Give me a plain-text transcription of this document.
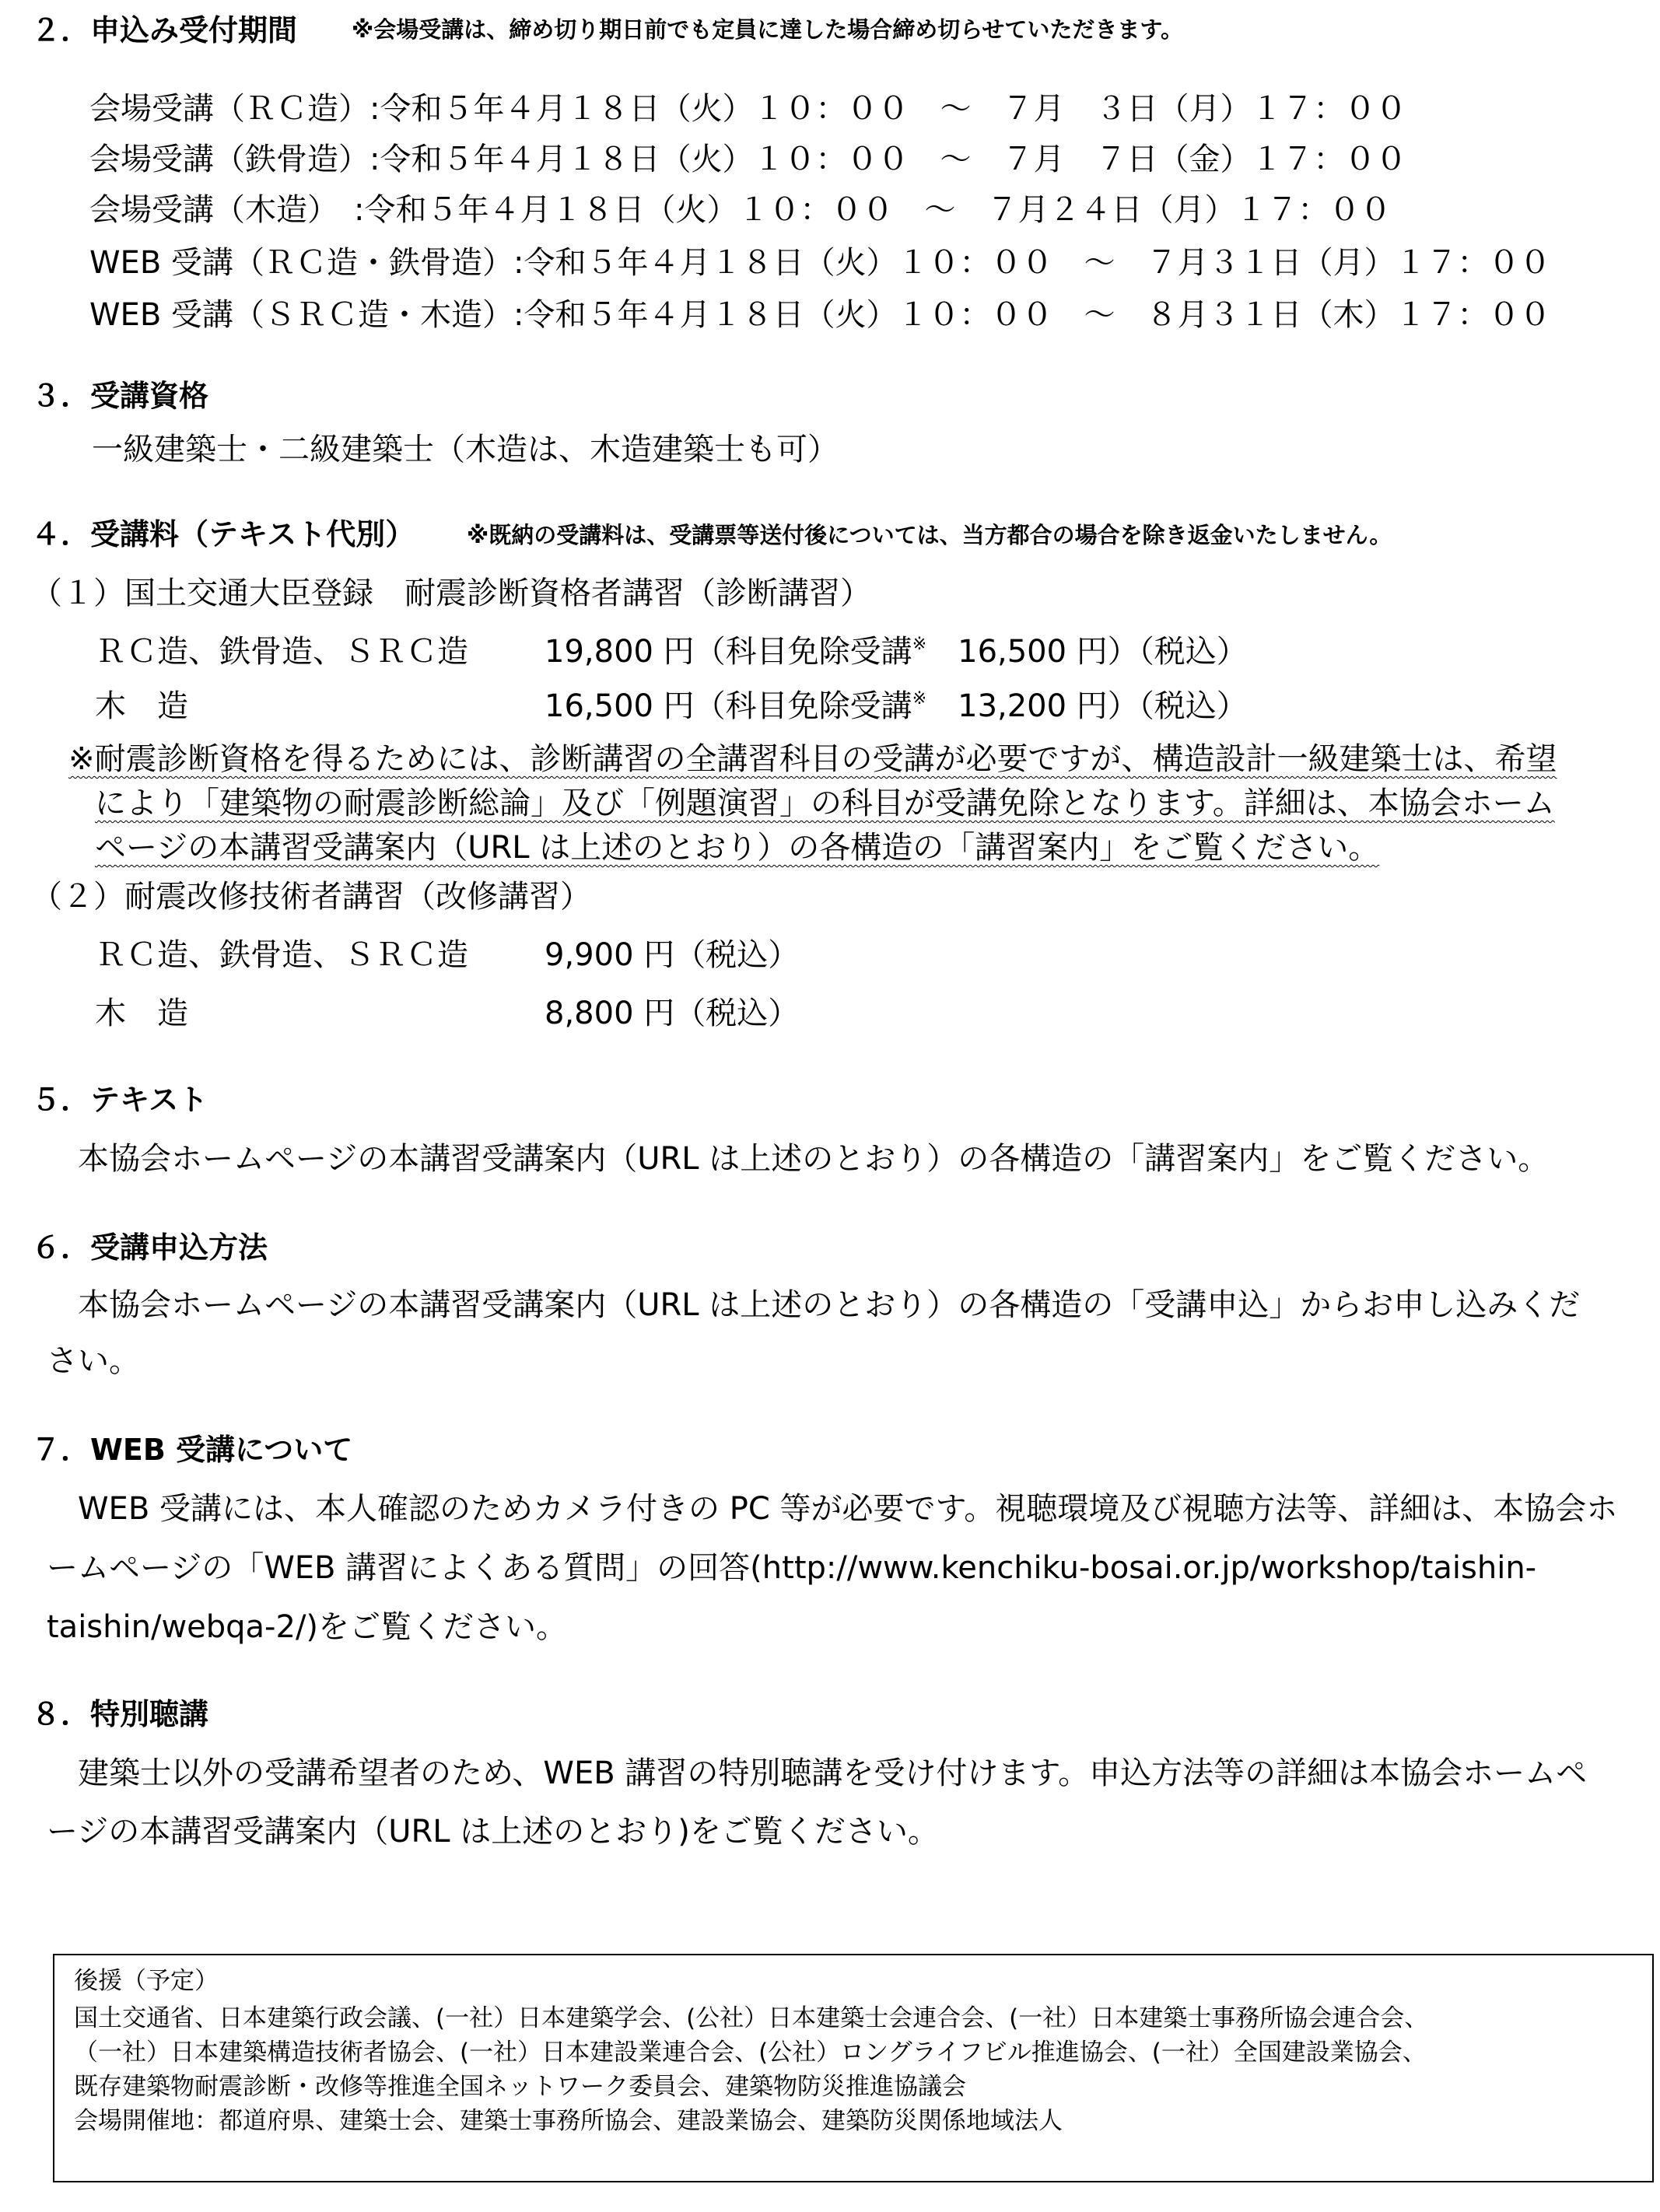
２．申込み受付期間 ※会場受講は、締め切り期日前でも定員に達した場合締め切らせていただきます。
会場受講（ＲＣ造）:令和５年４月１８日（火）１０：００　～　７月　３日（月）１７：００
会場受講（鉄骨造）:令和５年４月１８日（火）１０：００　～　７月　７日（金）１７：００
会場受講（木造）　:令和５年４月１８日（火）１０：００　～　７月２４日（月）１７：００
WEB 受講（ＲＣ造・鉄骨造）:令和５年４月１８日（火）１０：００　～　７月３１日（月）１７：００
WEB 受講（ＳＲＣ造・木造）:令和５年４月１８日（火）１０：００　～　８月３１日（木）１７：００
３．受講資格
一級建築士・二級建築士（木造は、木造建築士も可）
４．受講料（テキスト代別） ※既納の受講料は、受講票等送付後については、当方都合の場合を除き返金いたしません。
（１）国土交通大臣登録　耐震診断資格者講習（診断講習）
ＲＣ造、鉄骨造、ＳＲＣ造 19,800 円（科目免除受講※　16,500 円）（税込）
木　造	16,500 円（科目免除受講※　13,200 円）（税込）
※耐震診断資格を得るためには、診断講習の全講習科目の受講が必要ですが、構造設計一級建築士は、希望
により「建築物の耐震診断総論」及び「例題演習」の科目が受講免除となります。詳細は、本協会ホーム
ページの本講習受講案内（URL は上述のとおり）の各構造の「講習案内」をご覧ください。
（２）耐震改修技術者講習（改修講習）
ＲＣ造、鉄骨造、ＳＲＣ造 9,900 円（税込）
木　造	8,800 円（税込）
５．テキスト
本協会ホームページの本講習受講案内（URL は上述のとおり）の各構造の「講習案内」をご覧ください。
６．受講申込方法
本協会ホームページの本講習受講案内（URL は上述のとおり）の各構造の「受講申込」からお申し込みくだ
さい。
７．WEB 受講について
WEB 受講には、本人確認のためカメラ付きの PC 等が必要です。視聴環境及び視聴方法等、詳細は、本協会ホ
ームページの「WEB 講習によくある質問」の回答(http://www.kenchiku-bosai.or.jp/workshop/taishin-
taishin/webqa-2/)をご覧ください。
８．特別聴講
建築士以外の受講希望者のため、WEB 講習の特別聴講を受け付けます。申込方法等の詳細は本協会ホームペ
ージの本講習受講案内（URL は上述のとおり)をご覧ください。
後援（予定）
国土交通省、日本建築行政会議、(一社）日本建築学会、(公社）日本建築士会連合会、(一社）日本建築士事務所協会連合会、
（一社）日本建築構造技術者協会、(一社）日本建設業連合会、(公社）ロングライフビル推進協会、(一社）全国建設業協会、
既存建築物耐震診断・改修等推進全国ネットワーク委員会、建築物防災推進協議会
会場開催地：都道府県、建築士会、建築士事務所協会、建設業協会、建築防災関係地域法人
